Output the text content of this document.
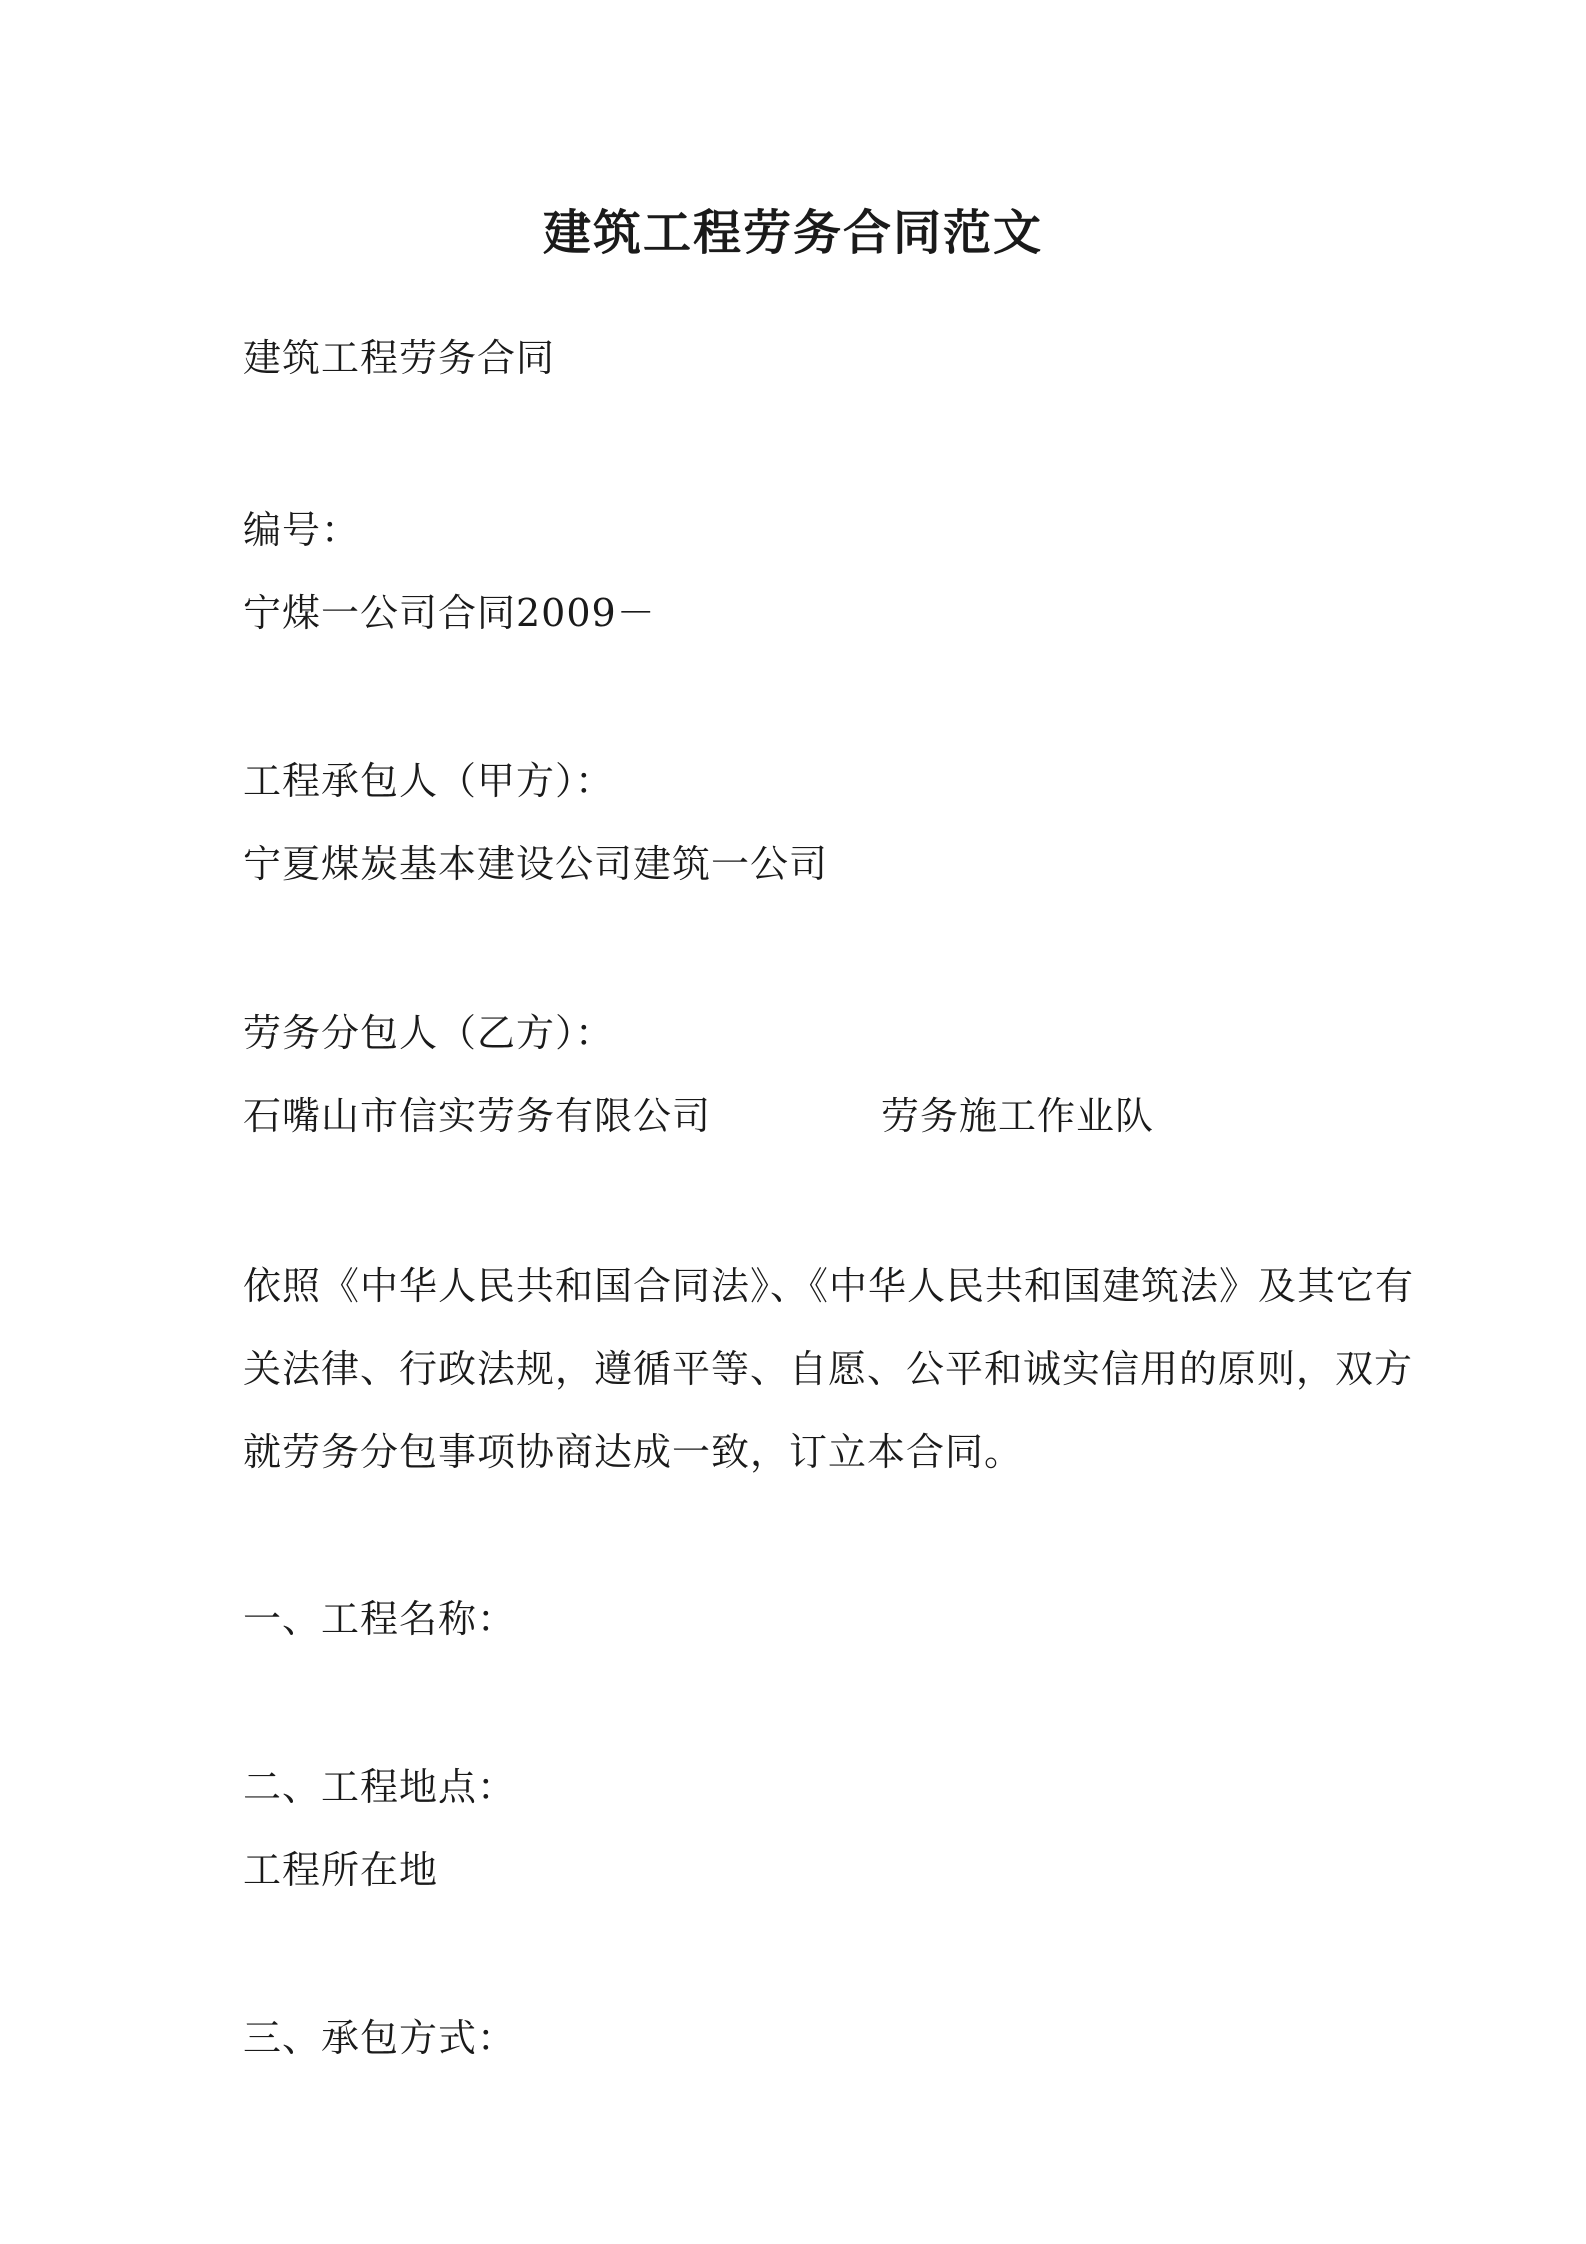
建筑工程劳务合同范文
建筑工程劳务合同
编号：
宁煤一公司合同2009－
工程承包人（甲方）：
宁夏煤炭基本建设公司建筑一公司
劳务分包人（乙方）：
石嘴山市信实劳务有限公司	劳务施工作业队
依照《中华人民共和国合同法》、《中华人民共和国建筑法》及其它有
关法律、行政法规，遵循平等、自愿、公平和诚实信用的原则，双方
就劳务分包事项协商达成一致，订立本合同。
一、工程名称：
二、工程地点：
工程所在地
三、承包方式：
